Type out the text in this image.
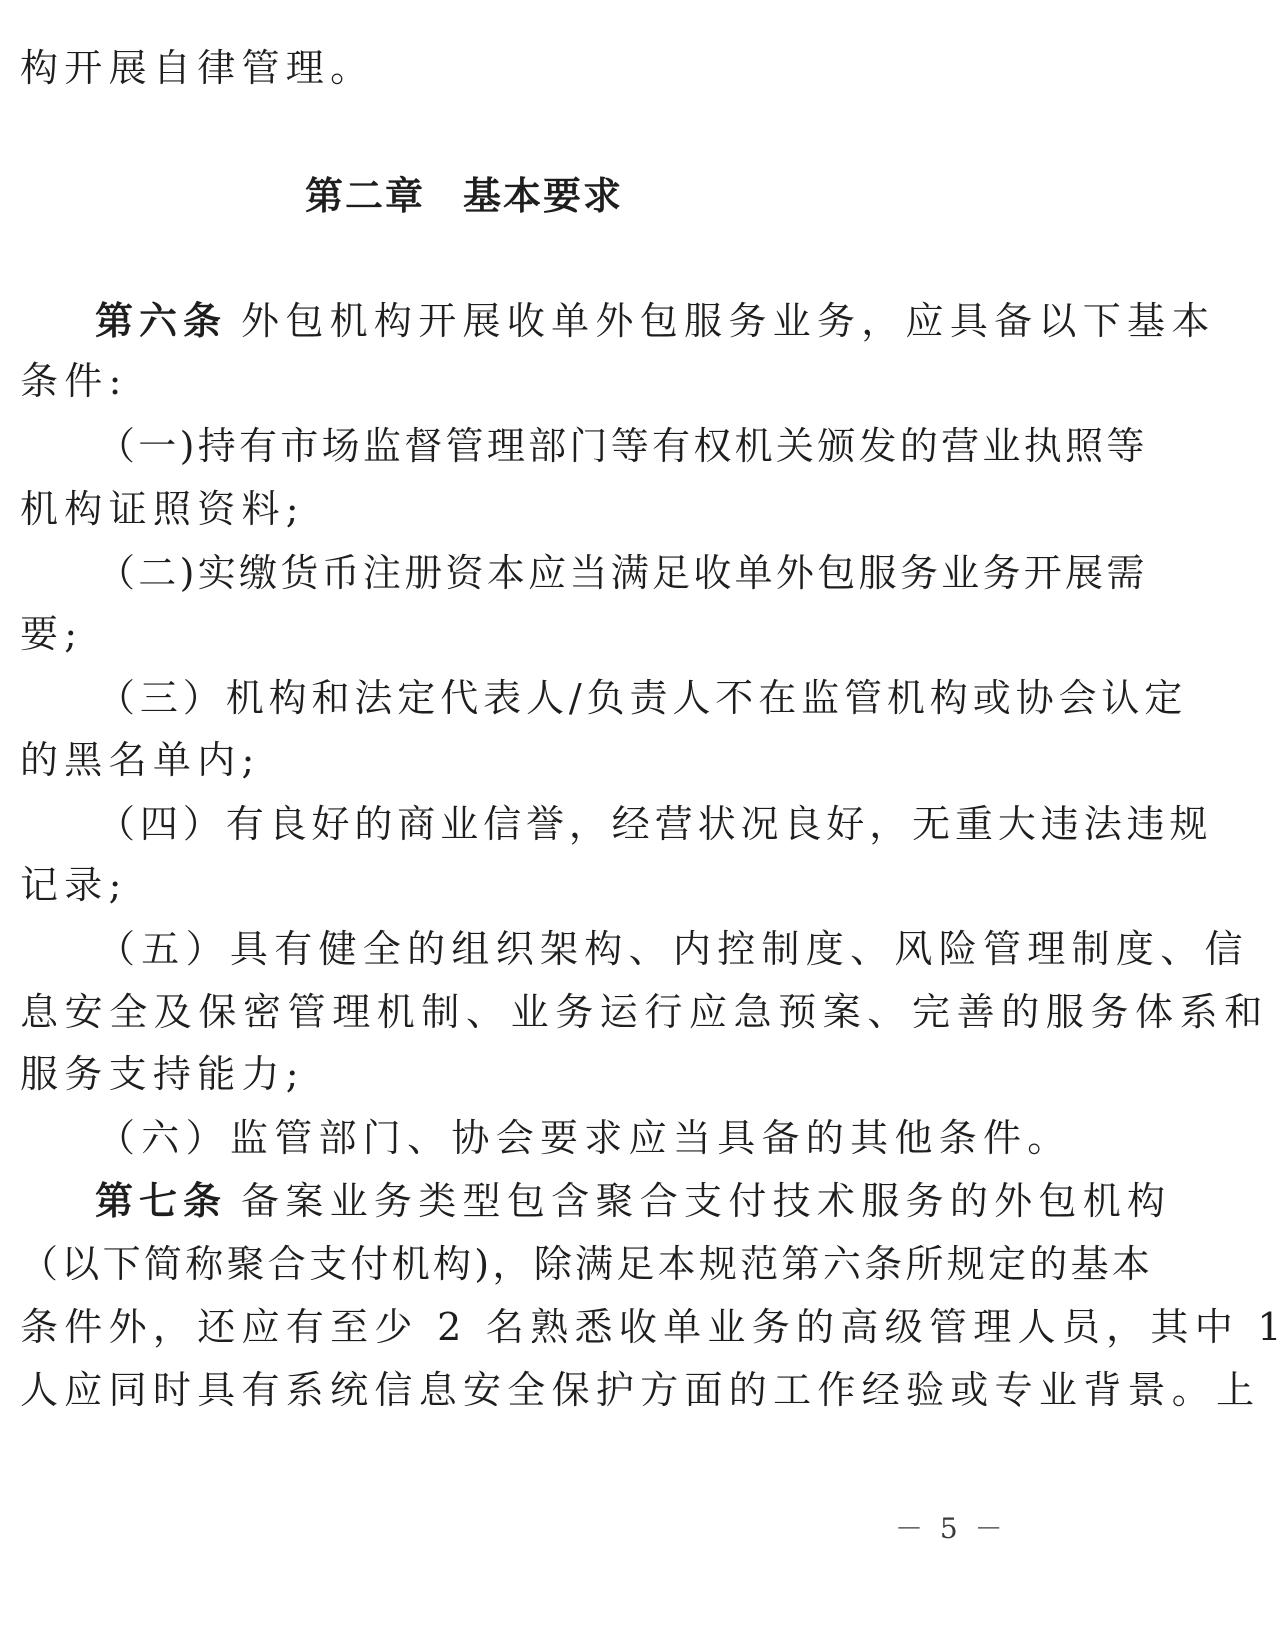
构开展自律管理。
第二章 基本要求
第六条 外包机构开展收单外包服务业务，应具备以下基本
条件:
（一)持有市场监督管理部门等有权机关颁发的营业执照等
机构证照资料;
（二)实缴货币注册资本应当满足收单外包服务业务开展需
要;
（三）机构和法定代表人/负责人不在监管机构或协会认定
的黑名单内;
（四）有良好的商业信誉，经营状况良好，无重大违法违规
记录;
（五）具有健全的组织架构、内控制度、风险管理制度、信
息安全及保密管理机制、业务运行应急预案、完善的服务体系和
服务支持能力;
（六）监管部门、协会要求应当具备的其他条件。
第七条 备案业务类型包含聚合支付技术服务的外包机构
（以下简称聚合支付机构)，除满足本规范第六条所规定的基本
条件外，还应有至少 2 名熟悉收单业务的高级管理人员，其中 1
人应同时具有系统信息安全保护方面的工作经验或专业背景。上
－ 5 －
